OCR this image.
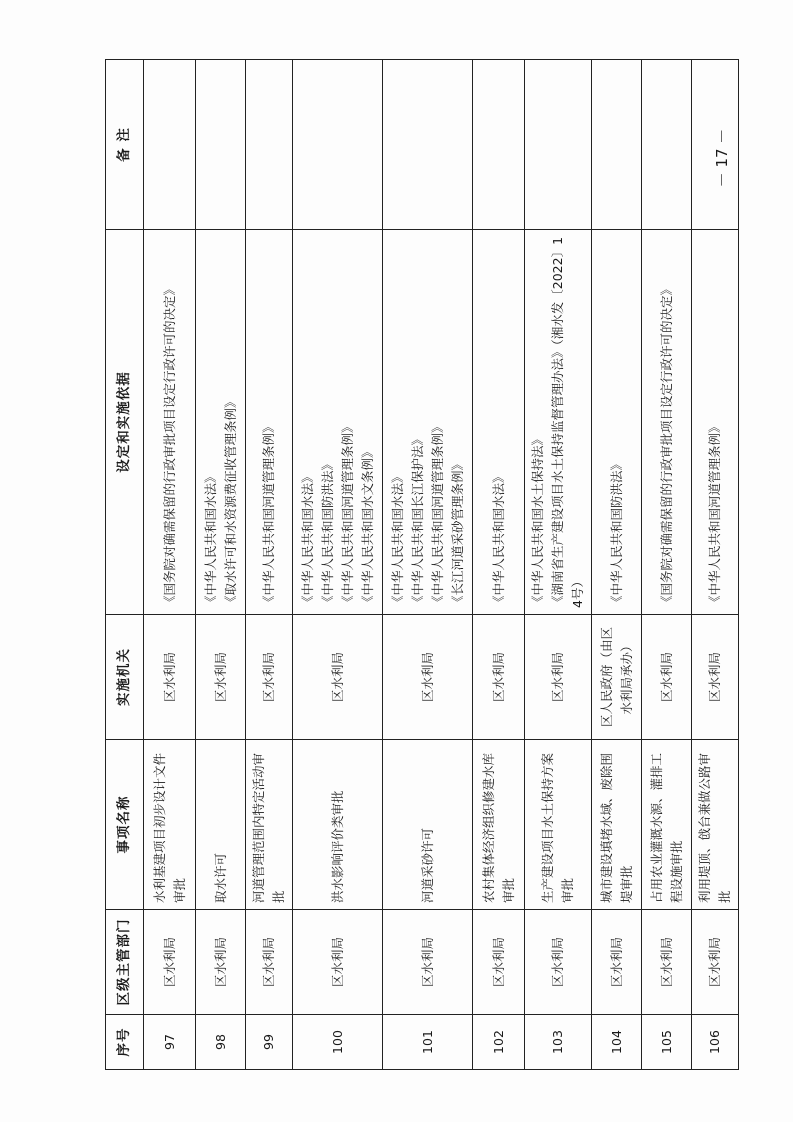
序号	区级主管部门	事项名称	实施机关	设定和实施依据	备 注
97	区水利局	水利基建项目初步设计文件审批	区水利局	《国务院对确需保留的行政审批项目设定行政许可的决定》	

98	区水利局	取水许可	区水利局	《中华人民共和国水法》 《取水许可和水资源费征收管理条例》	

99	区水利局	河道管理范围内特定活动审批	区水利局	《中华人民共和国河道管理条例》	

100	区水利局	洪水影响评价类审批	区水利局	《中华人民共和国水法》 《中华人民共和国防洪法》 《中华人民共和国河道管理条例》 《中华人民共和国水文条例》	

101	区水利局	河道采砂许可	区水利局	《中华人民共和国水法》 《中华人民共和国长江保护法》 《中华人民共和国河道管理条例》 《长江河道采砂管理条例》	

102	区水利局	农村集体经济组织修建水库审批	区水利局	《中华人民共和国水法》	

103	区水利局	生产建设项目水土保持方案审批	区水利局	《中华人民共和国水土保持法》 《湖南省生产建设项目水土保持监督管理办法》（湘水发〔2022〕14号）	

104	区水利局	城市建设填堵水域、废除围堤审批	区人民政府（由区水利局承办）	《中华人民共和国防洪法》	

105	区水利局	占用农业灌溉水源、灌排工程设施审批	区水利局	《国务院对确需保留的行政审批项目设定行政许可的决定》	

106	区水利局	利用堤顶、戗台兼做公路审批	区水利局	《中华人民共和国河道管理条例》	

－ 17 －
